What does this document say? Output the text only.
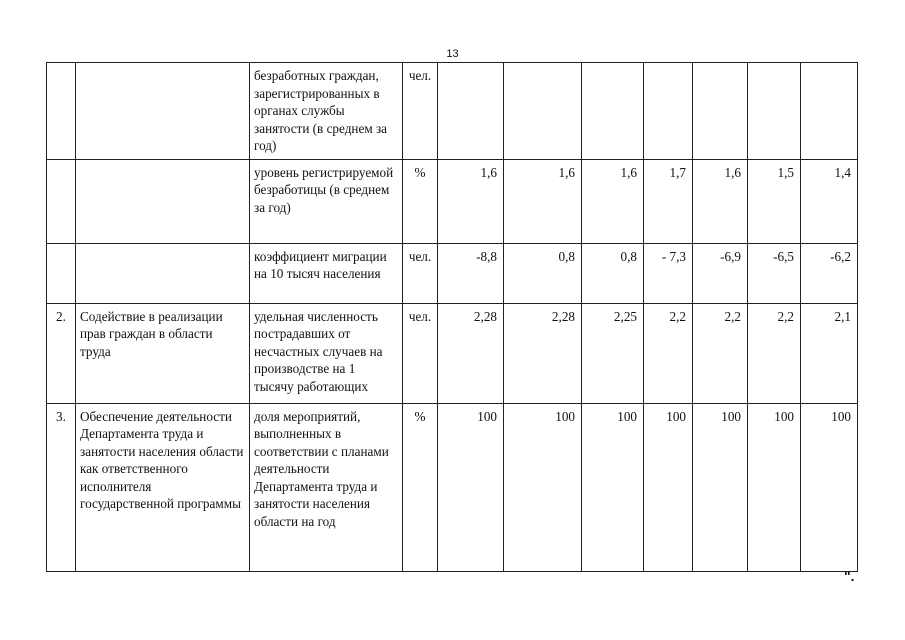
13
		безработных граждан, зарегистрированных в органах службы занятости (в среднем за год)	чел.							
		уровень регистрируемой безработицы (в среднем за год)	%	1,6	1,6	1,6	1,7	1,6	1,5	1,4
		коэффициент миграции на 10 тысяч населения	чел.	-8,8	0,8	0,8	- 7,3	-6,9	-6,5	-6,2
2.	Содействие в реализации прав граждан в области труда	удельная численность пострадавших от несчастных случаев на производстве на 1 тысячу работающих	чел.	2,28	2,28	2,25	2,2	2,2	2,2	2,1
3.	Обеспечение деятельности Департамента труда и занятости населения области как ответственного исполнителя государственной программы	доля мероприятий, выполненных в соответствии с планами деятельности Департамента труда и занятости населения области на год	%	100	100	100	100	100	100	100
".
